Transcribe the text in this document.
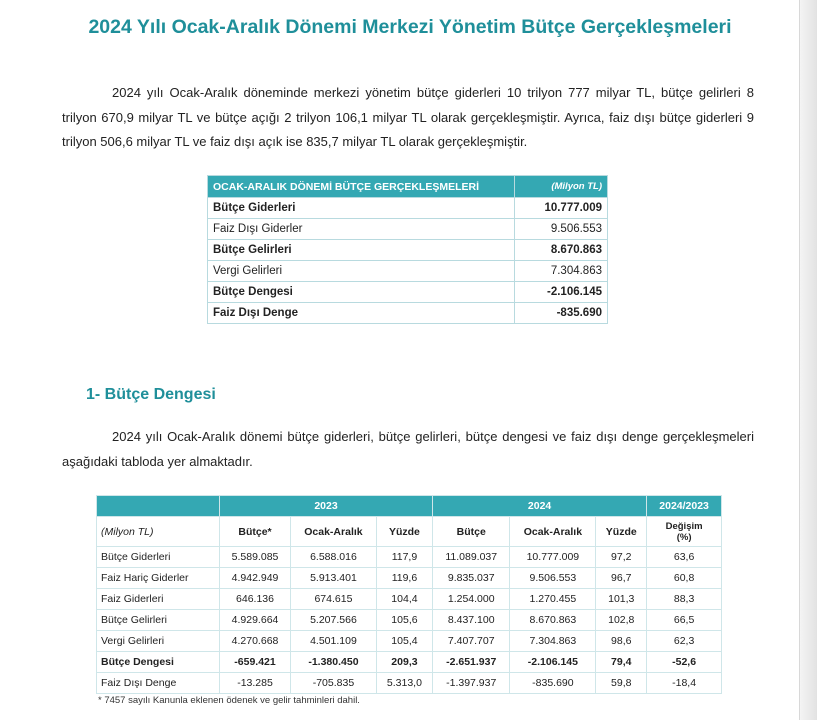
2024 Yılı Ocak-Aralık Dönemi Merkezi Yönetim Bütçe Gerçekleşmeleri

2024 yılı Ocak-Aralık döneminde merkezi yönetim bütçe giderleri 10 trilyon 777 milyar TL, bütçe gelirleri 8 trilyon 670,9 milyar TL ve bütçe açığı 2 trilyon 106,1 milyar TL olarak gerçekleşmiştir. Ayrıca, faiz dışı bütçe giderleri 9 trilyon 506,6 milyar TL ve faiz dışı açık ise 835,7 milyar TL olarak gerçekleşmiştir.

OCAK-ARALIK DÖNEMİ BÜTÇE GERÇEKLEŞMELERİ	(Milyon TL)
Bütçe Giderleri	10.777.009
Faiz Dışı Giderler	9.506.553
Bütçe Gelirleri	8.670.863
Vergi Gelirleri	7.304.863
Bütçe Dengesi	-2.106.145
Faiz Dışı Denge	-835.690
1- Bütçe Dengesi

2024 yılı Ocak-Aralık dönemi bütçe giderleri, bütçe gelirleri, bütçe dengesi ve faiz dışı denge gerçekleşmeleri aşağıdaki tabloda yer almaktadır.

	2023			2024			2024/2023
(Milyon TL)	Bütçe*	Ocak-Aralık	Yüzde	Bütçe	Ocak-Aralık	Yüzde	Değişim
(%)
Bütçe Giderleri	5.589.085	6.588.016	117,9	11.089.037	10.777.009	97,2	63,6
Faiz Hariç Giderler	4.942.949	5.913.401	119,6	9.835.037	9.506.553	96,7	60,8
Faiz Giderleri	646.136	674.615	104,4	1.254.000	1.270.455	101,3	88,3
Bütçe Gelirleri	4.929.664	5.207.566	105,6	8.437.100	8.670.863	102,8	66,5
Vergi Gelirleri	4.270.668	4.501.109	105,4	7.407.707	7.304.863	98,6	62,3
Bütçe Dengesi	-659.421	-1.380.450	209,3	-2.651.937	-2.106.145	79,4	-52,6
Faiz Dışı Denge	-13.285	-705.835	5.313,0	-1.397.937	-835.690	59,8	-18,4
* 7457 sayılı Kanunla eklenen ödenek ve gelir tahminleri dahil.
